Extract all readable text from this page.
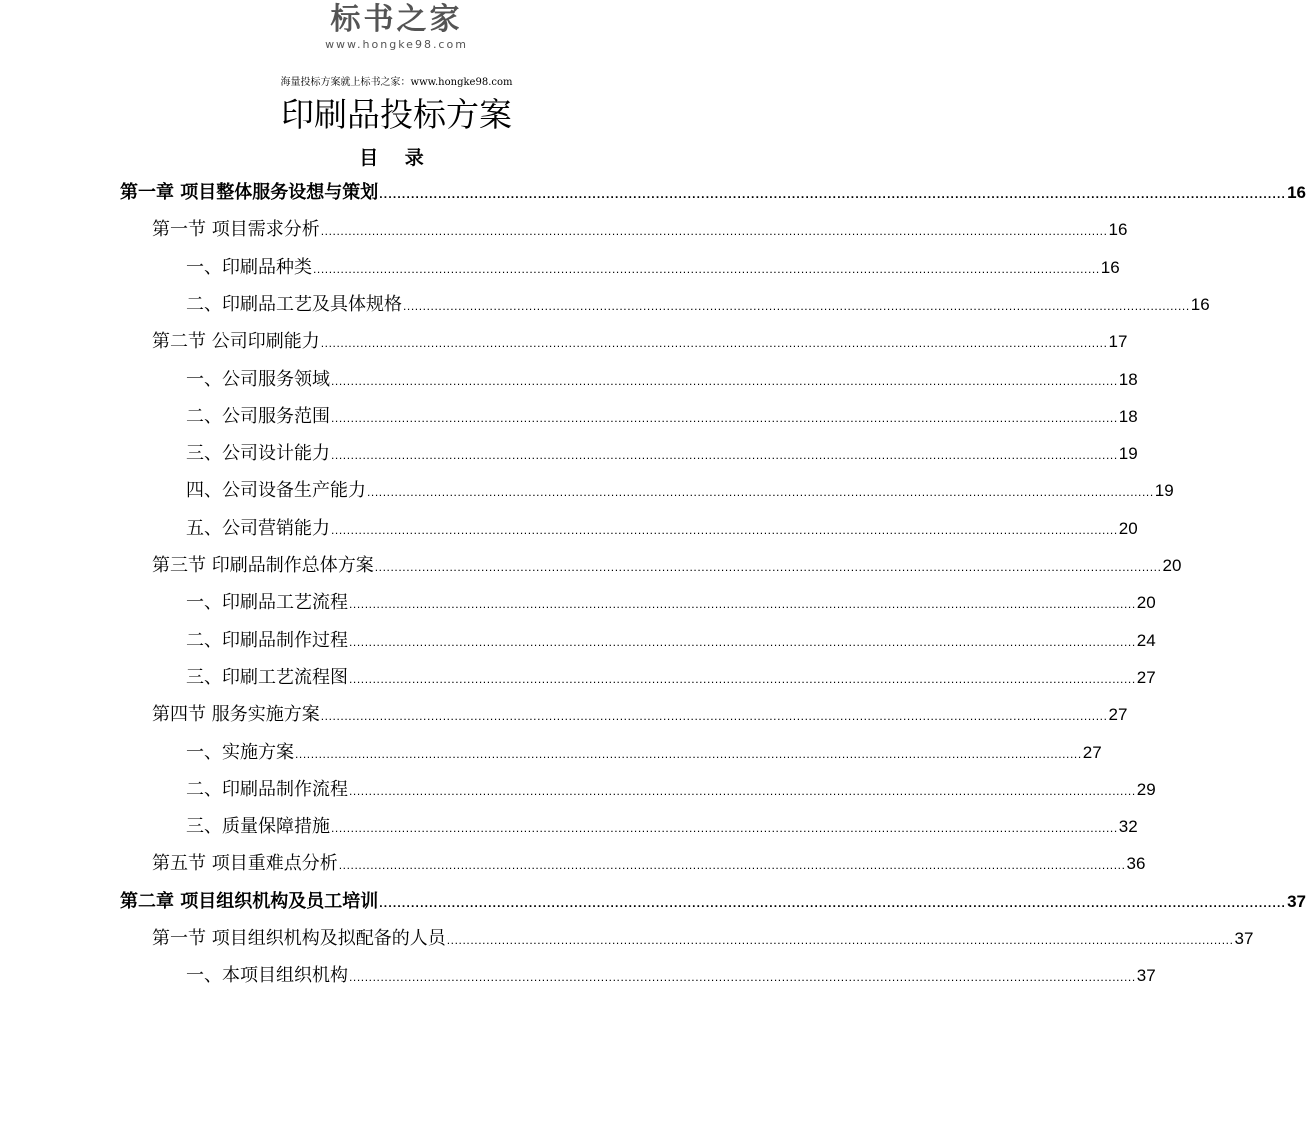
标书之家
www.hongke98.com
海量投标方案就上标书之家：www.hongke98.com
印刷品投标方案
目 录
第一章 项目整体服务设想与策划 ........................................................................................................................................................................................................ 16
第一节 项目需求分析 ........................................................................................................................................................................................................ 16
一、印刷品种类 ........................................................................................................................................................................................................ 16
二、印刷品工艺及具体规格 ........................................................................................................................................................................................................ 16
第二节 公司印刷能力 ........................................................................................................................................................................................................ 17
一、公司服务领域 ........................................................................................................................................................................................................ 18
二、公司服务范围 ........................................................................................................................................................................................................ 18
三、公司设计能力 ........................................................................................................................................................................................................ 19
四、公司设备生产能力 ........................................................................................................................................................................................................ 19
五、公司营销能力 ........................................................................................................................................................................................................ 20
第三节 印刷品制作总体方案 ........................................................................................................................................................................................................ 20
一、印刷品工艺流程 ........................................................................................................................................................................................................ 20
二、印刷品制作过程 ........................................................................................................................................................................................................ 24
三、印刷工艺流程图 ........................................................................................................................................................................................................ 27
第四节 服务实施方案 ........................................................................................................................................................................................................ 27
一、实施方案 ........................................................................................................................................................................................................ 27
二、印刷品制作流程 ........................................................................................................................................................................................................ 29
三、质量保障措施 ........................................................................................................................................................................................................ 32
第五节 项目重难点分析 ........................................................................................................................................................................................................ 36
第二章 项目组织机构及员工培训 ........................................................................................................................................................................................................ 37
第一节 项目组织机构及拟配备的人员 ........................................................................................................................................................................................................ 37
一、本项目组织机构 ........................................................................................................................................................................................................ 37
